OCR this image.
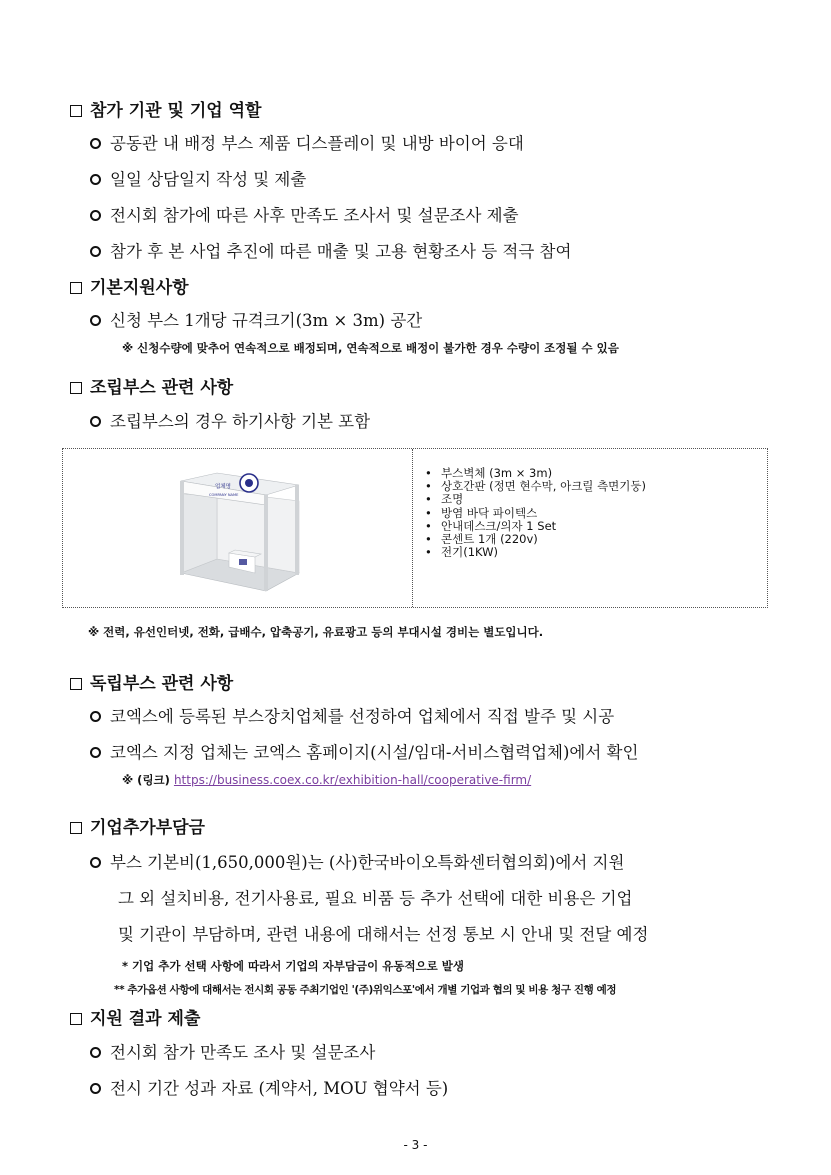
참가 기관 및 기업 역할
공동관 내 배정 부스 제품 디스플레이 및 내방 바이어 응대
일일 상담일지 작성 및 제출
전시회 참가에 따른 사후 만족도 조사서 및 설문조사 제출
참가 후 본 사업 추진에 따른 매출 및 고용 현황조사 등 적극 참여
기본지원사항
신청 부스 1개당 규격크기(3m × 3m) 공간
※ 신청수량에 맞추어 연속적으로 배정되며, 연속적으로 배정이 불가한 경우 수량이 조정될 수 있음
조립부스 관련 사항
조립부스의 경우 하기사항 기본 포함
업체명
COMPANY NAME
• 부스벽체 (3m × 3m)
• 상호간판 (정면 현수막, 아크릴 측면기둥)
• 조명
• 방염 바닥 파이텍스
• 안내데스크/의자 1 Set
• 콘센트 1개 (220v)
• 전기(1KW)
※ 전력, 유선인터넷, 전화, 급배수, 압축공기, 유료광고 등의 부대시설 경비는 별도입니다.
독립부스 관련 사항
코엑스에 등록된 부스장치업체를 선정하여 업체에서 직접 발주 및 시공
코엑스 지정 업체는 코엑스 홈페이지(시설/임대-서비스협력업체)에서 확인
※ (링크) https://business.coex.co.kr/exhibition-hall/cooperative-firm/
기업추가부담금
부스 기본비(1,650,000원)는 (사)한국바이오특화센터협의회)에서 지원
그 외 설치비용, 전기사용료, 필요 비품 등 추가 선택에 대한 비용은 기업
및 기관이 부담하며, 관련 내용에 대해서는 선정 통보 시 안내 및 전달 예정
* 기업 추가 선택 사항에 따라서 기업의 자부담금이 유동적으로 발생
** 추가옵션 사항에 대해서는 전시회 공동 주최기업인 '(주)위익스포'에서 개별 기업과 협의 및 비용 청구 진행 예정
지원 결과 제출
전시회 참가 만족도 조사 및 설문조사
전시 기간 성과 자료 (계약서, MOU 협약서 등)
- 3 -
